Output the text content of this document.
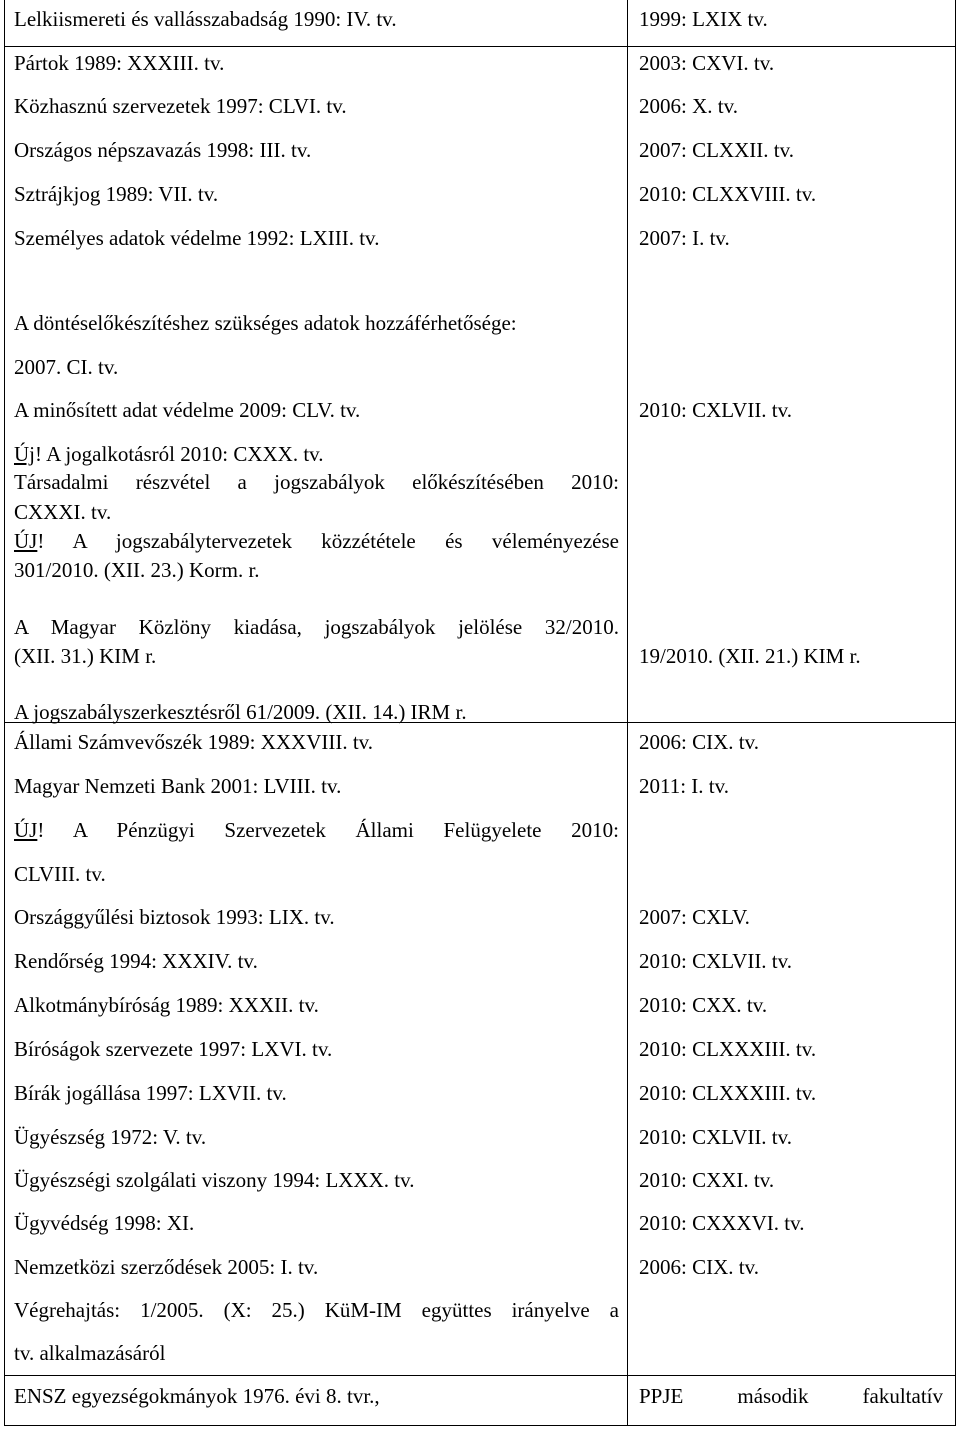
Lelkiismereti és vallásszabadság 1990: IV. tv.	1999: LXIX tv.
Pártok 1989: XXXIII. tv.	2003: CXVI. tv.
Közhasznú szervezetek 1997: CLVI. tv.	2006: X. tv.
Országos népszavazás 1998: III. tv.	2007: CLXXII. tv.
Sztrájkjog 1989: VII. tv.	2010: CLXXVIII. tv.
Személyes adatok védelme 1992: LXIII. tv.	2007: I. tv.
A döntéselőkészítéshez szükséges adatok hozzáférhetősége:
2007. CI. tv.
A minősített adat védelme 2009: CLV. tv.	2010: CXLVII. tv.
Új! A jogalkotásról 2010: CXXX. tv.
Társadalmi részvétel a jogszabályok előkészítésében 2010:
CXXXI. tv.
ÚJ! A jogszabálytervezetek közzététele és véleményezése
301/2010. (XII. 23.) Korm. r.
A Magyar Közlöny kiadása, jogszabályok jelölése 32/2010.
(XII. 31.) KIM r.	19/2010. (XII. 21.) KIM r.
A jogszabályszerkesztésről 61/2009. (XII. 14.) IRM r.
Állami Számvevőszék 1989: XXXVIII. tv.	2006: CIX. tv.
Magyar Nemzeti Bank 2001: LVIII. tv.	2011: I. tv.
ÚJ! A Pénzügyi Szervezetek Állami Felügyelete 2010:
CLVIII. tv.
Országgyűlési biztosok 1993: LIX. tv.	2007: CXLV.
Rendőrség 1994: XXXIV. tv.	2010: CXLVII. tv.
Alkotmánybíróság 1989: XXXII. tv.	2010: CXX. tv.
Bíróságok szervezete 1997: LXVI. tv.	2010: CLXXXIII. tv.
Bírák jogállása 1997: LXVII. tv.	2010: CLXXXIII. tv.
Ügyészség 1972: V. tv.	2010: CXLVII. tv.
Ügyészségi szolgálati viszony 1994: LXXX. tv.	2010: CXXI. tv.
Ügyvédség 1998: XI.	2010: CXXXVI. tv.
Nemzetközi szerződések 2005: I. tv.	2006: CIX. tv.
Végrehajtás: 1/2005. (X: 25.) KüM-IM együttes irányelve a
tv. alkalmazásáról
ENSZ egyezségokmányok 1976. évi 8. tvr.,	PPJE második fakultatív
